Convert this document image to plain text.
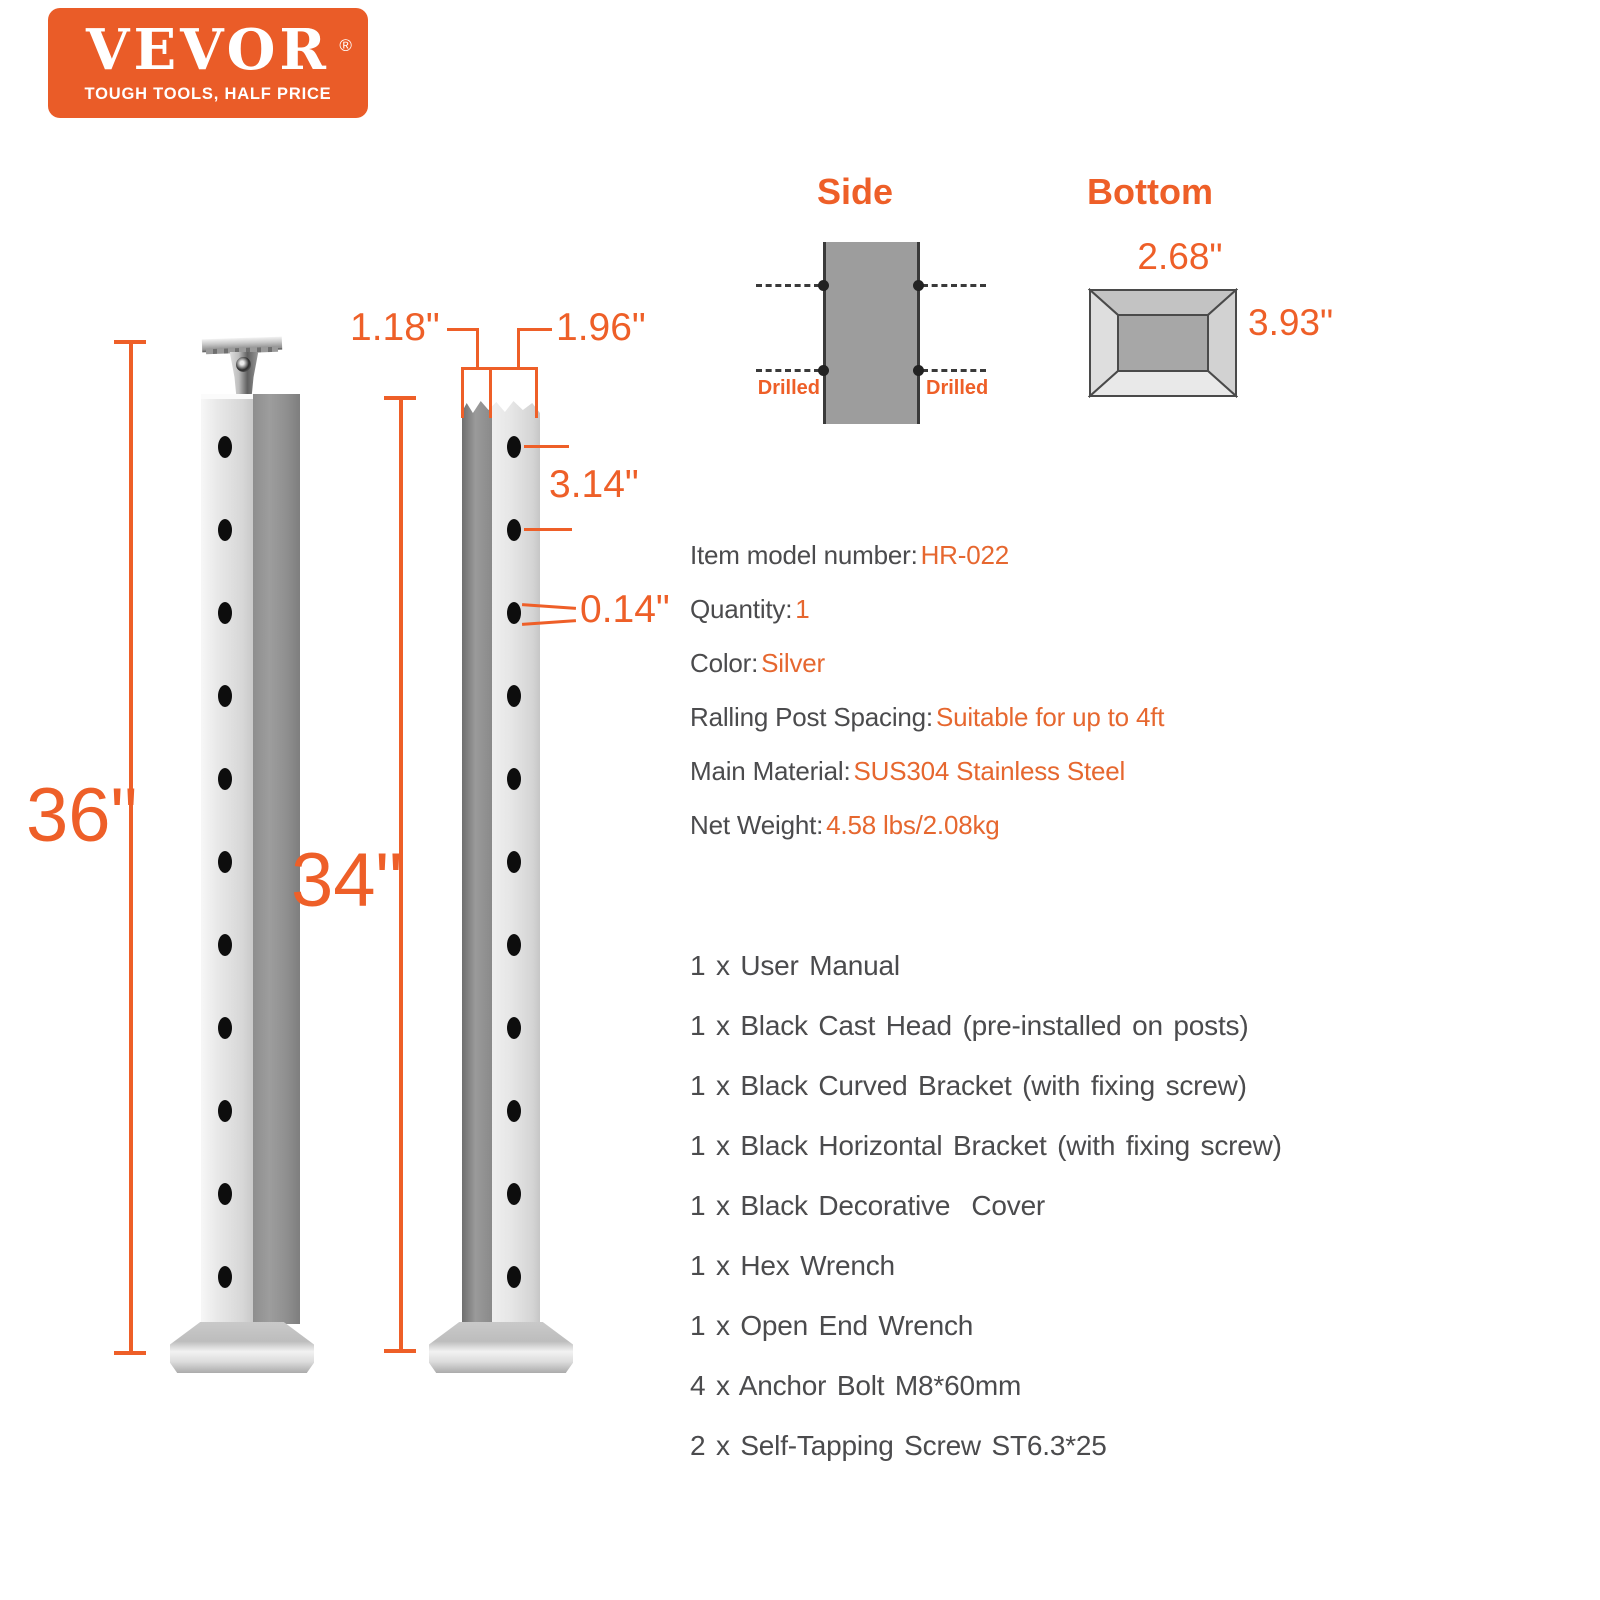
VEVOR ®
TOUGH TOOLS, HALF PRICE
36"
34"
1.18"	1.96"
3.14"
0.14"
Side
Drilled	Drilled
Bottom
2.68"
3.93"
Item model number: HR-022
Quantity: 1
Color: Silver
Ralling Post Spacing: Suitable for up to 4ft
Main Material: SUS304 Stainless Steel
Net Weight: 4.58 lbs/2.08kg
1 x User Manual
1 x Black Cast Head (pre-installed on posts)
1 x Black Curved Bracket (with fixing screw)
1 x Black Horizontal Bracket (with fixing screw)
1 x Black Decorative  Cover
1 x Hex Wrench
1 x Open End Wrench
4 x Anchor Bolt M8*60mm
2 x Self-Tapping Screw ST6.3*25
